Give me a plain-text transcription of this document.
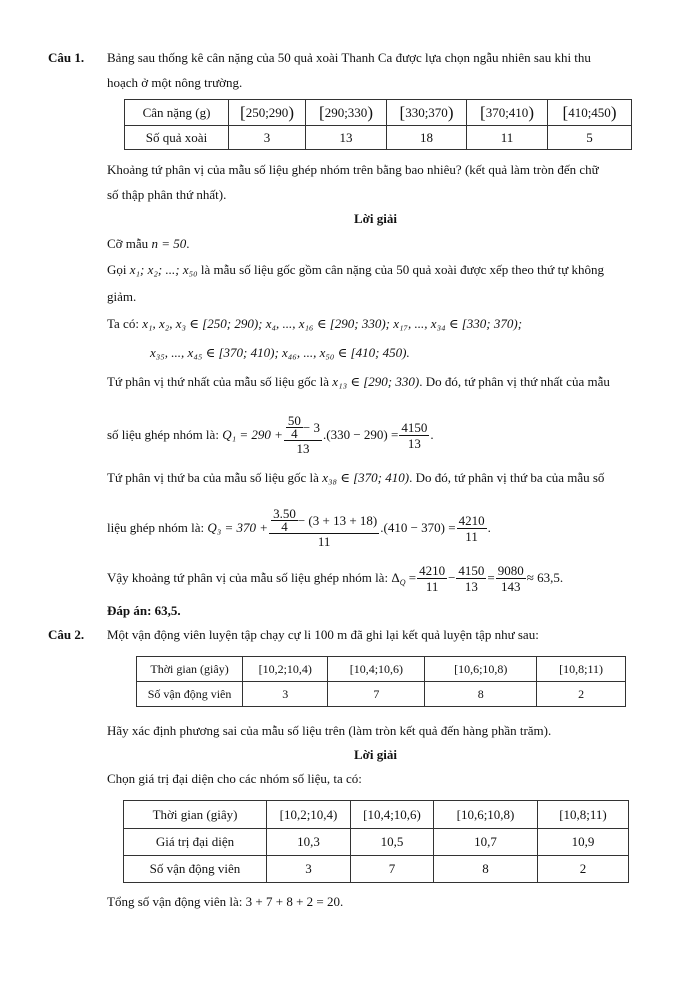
Câu 1. Bảng sau thống kê cân nặng của 50 quả xoài Thanh Ca được lựa chọn ngẫu nhiên sau khi thu
hoạch ở một nông trường.
Cân nặng (g)	[250;290)	[290;330)	[330;370)	[370;410)	[410;450)
Số quả xoài	3	13	18	11	5
Khoảng tứ phân vị của mẫu số liệu ghép nhóm trên bằng bao nhiêu? (kết quả làm tròn đến chữ
số thập phân thứ nhất).
Lời giải
Cỡ mẫu n = 50.
Gọi x₁; x₂; ...; x₅₀ là mẫu số liệu gốc gồm cân nặng của 50 quả xoài được xếp theo thứ tự không
giảm.
Ta có: x₁, x₂, x₃ ∈ [250; 290); x₄, ..., x₁₆ ∈ [290; 330); x₁₇, ..., x₃₄ ∈ [330; 370);
x₃₅, ..., x₄₅ ∈ [370; 410); x₄₆, ..., x₅₀ ∈ [410; 450).
Tứ phân vị thứ nhất của mẫu số liệu gốc là x₁₃ ∈ [290; 330). Do đó, tứ phân vị thứ nhất của mẫu
số liệu ghép nhóm là:
$Q_1 = 290 + \frac{\frac{50}{4} - 3}{13} .(330 - 290) = \frac{4150}{13}$ .
Tứ phân vị thứ ba của mẫu số liệu gốc là x₃₈ ∈ [370; 410). Do đó, tứ phân vị thứ ba của mẫu số
liệu ghép nhóm là:
$Q_3 = 370 + \frac{\frac{3.50}{4} - (3 + 13 + 18)}{11} .(410 - 370) = \frac{4210}{11}$ .
Vậy khoảng tứ phân vị của mẫu số liệu ghép nhóm là:
$\Delta_Q = \frac{4210}{11} - \frac{4150}{13} = \frac{9080}{143} \approx 63,5$.
Đáp án: 63,5.
Câu 2. Một vận động viên luyện tập chạy cự li 100 m đã ghi lại kết quả luyện tập như sau:
Thời gian (giây)	[10,2;10,4)	[10,4;10,6)	[10,6;10,8)	[10,8;11)
Số vận động viên	3	7	8	2
Hãy xác định phương sai của mẫu số liệu trên (làm tròn kết quả đến hàng phần trăm).
Lời giải
Chọn giá trị đại diện cho các nhóm số liệu, ta có:
Thời gian (giây)	[10,2;10,4)	[10,4;10,6)	[10,6;10,8)	[10,8;11)
Giá trị đại diện	10,3	10,5	10,7	10,9
Số vận động viên	3	7	8	2
Tổng số vận động viên là: 3 + 7 + 8 + 2 = 20.
